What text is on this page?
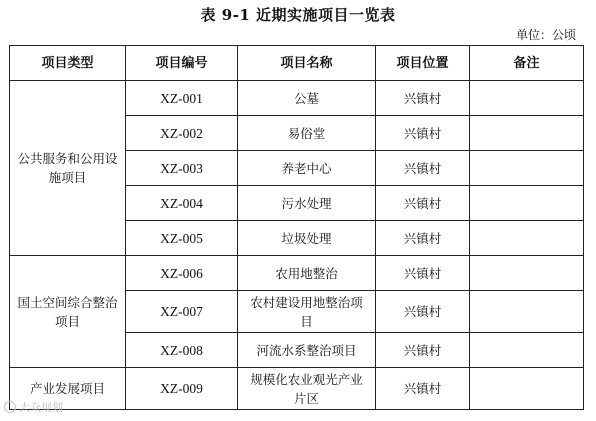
表 9-1 近期实施项目一览表
单位：公顷
项目类型	项目编号	项目名称	项目位置	备注
公共服务和公用设施项目	XZ-001	公墓	兴镇村	
	XZ-002	易俗堂	兴镇村	
	XZ-003	养老中心	兴镇村	
	XZ-004	污水处理	兴镇村	
	XZ-005	垃圾处理	兴镇村	
国土空间综合整治项目	XZ-006	农用地整治	兴镇村	
	XZ-007	农村建设用地整治项目	兴镇村	
	XZ-008	河流水系整治项目	兴镇村	
产业发展项目	XZ-009	规模化农业观光产业片区	兴镇村	
大众规划
